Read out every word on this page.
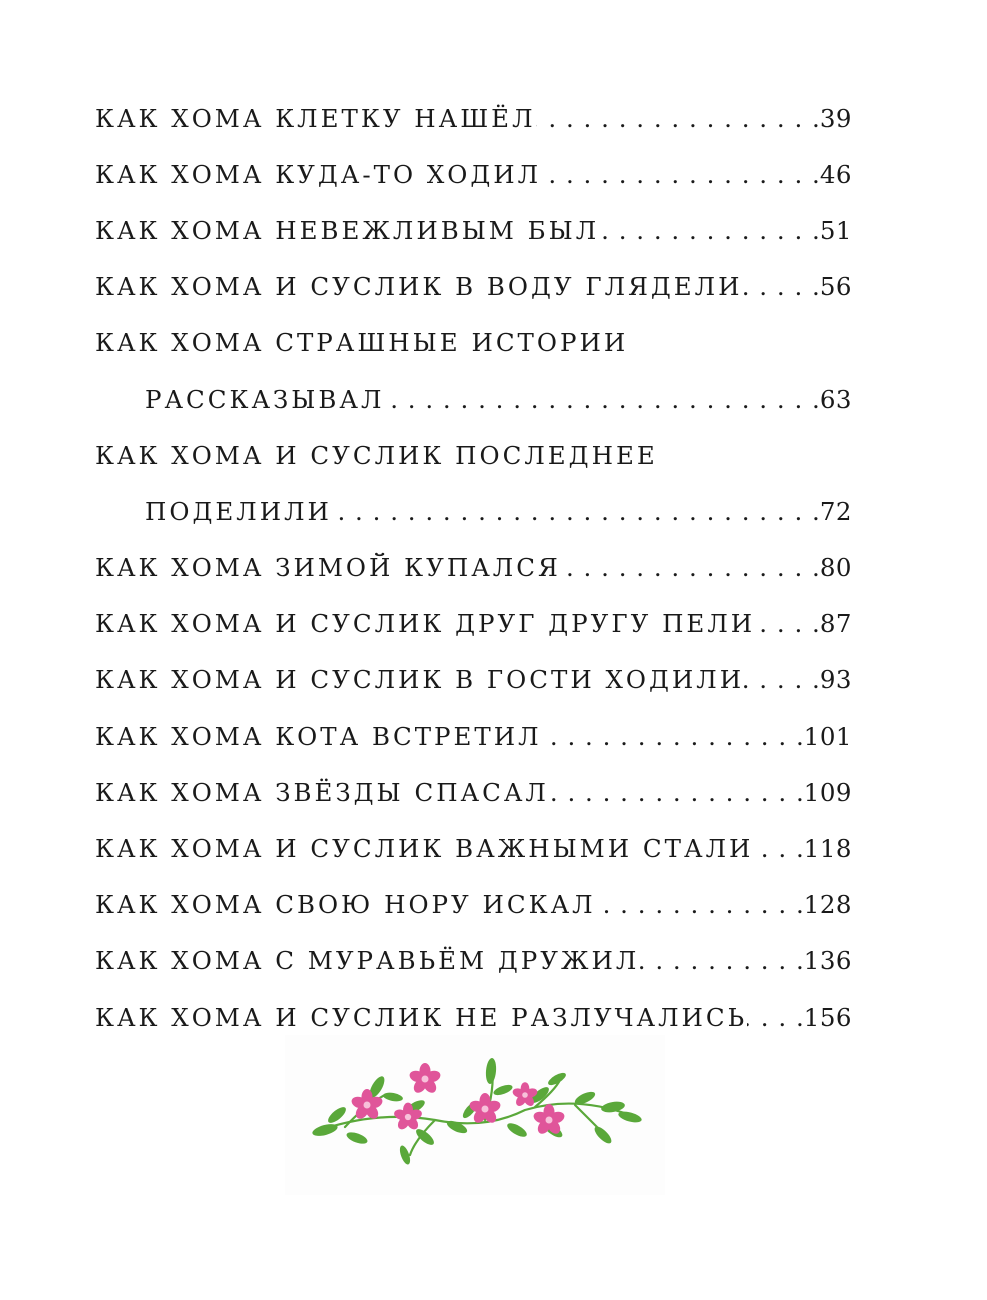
КАК ХОМА КЛЕТКУ НАШЁЛ . . .	39
КАК ХОМА КУДА-ТО ХОДИЛ . . .	46
КАК ХОМА НЕВЕЖЛИВЫМ БЫЛ . . .	51
КАК ХОМА И СУСЛИК В ВОДУ ГЛЯДЕЛИ . . .	56
КАК ХОМА СТРАШНЫЕ ИСТОРИИ
РАССКАЗЫВАЛ . . .	63
КАК ХОМА И СУСЛИК ПОСЛЕДНЕЕ
ПОДЕЛИЛИ . . .	72
КАК ХОМА ЗИМОЙ КУПАЛСЯ . . .	80
КАК ХОМА И СУСЛИК ДРУГ ДРУГУ ПЕЛИ . . .	87
КАК ХОМА И СУСЛИК В ГОСТИ ХОДИЛИ . . .	93
КАК ХОМА КОТА ВСТРЕТИЛ . . .	101
КАК ХОМА ЗВЁЗДЫ СПАСАЛ . . .	109
КАК ХОМА И СУСЛИК ВАЖНЫМИ СТАЛИ . . . 118
КАК ХОМА СВОЮ НОРУ ИСКАЛ . . .	128
КАК ХОМА С МУРАВЬЁМ ДРУЖИЛ . . .	136
КАК ХОМА И СУСЛИК НЕ РАЗЛУЧАЛИСЬ . . . 156
